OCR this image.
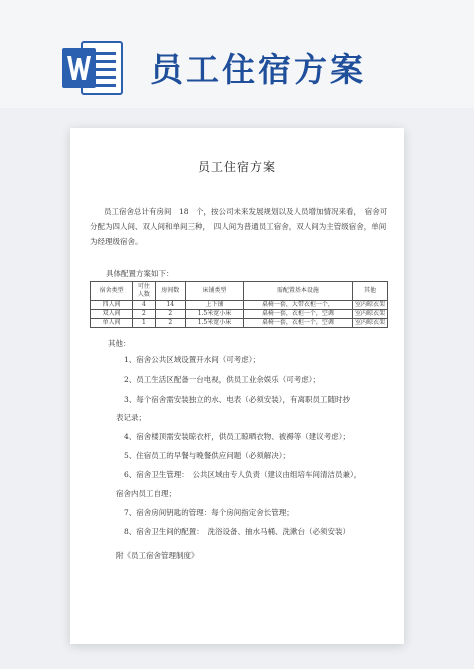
员工住宿方案
员工住宿方案
员工宿舍总计有房间　18　个，按公司未来发展规划以及人员增加情况来看，　宿舍可分配为四人间、双人间和单间三种，　四人间为普通员工宿舍，双人间为主管级宿舍，单间为经理级宿舍。
具体配置方案如下：
宿舍类型	可住人数	房间数	床铺类型	需配置基本设施	其他
四人间	4	14	上下铺	桌椅一套，大带衣柜一个，	室内晾衣架
双人间	2	2	1.5米宽小床	桌椅一套，衣柜一个，空调	室内晾衣架
单人间	1	2	1.5米宽小床	桌椅一套，衣柜一个，空调	室内晾衣架
其他：
1、宿舍公共区域设置开水间（可考虑）；
2、员工生活区配备一台电视，供员工业余娱乐（可考虑）；
3、每个宿舍需安装独立的水、电表（必须安装），有离职员工随时抄
表记录；
4、宿舍楼顶需安装晾衣杆，供员工晾晒衣物、被褥等（建议考虑）；
5、住宿员工的早餐与晚餐供应问题（必须解决）；
6、宿舍卫生管理：　公共区域由专人负责（建议由组培车间清洁员兼），
宿舍内员工自理；
7、宿舍房间钥匙的管理：每个房间指定舍长管理；
8、宿舍卫生间的配置：　洗浴设备、抽水马桶、洗漱台（必须安装）
附《员工宿舍管理制度》
